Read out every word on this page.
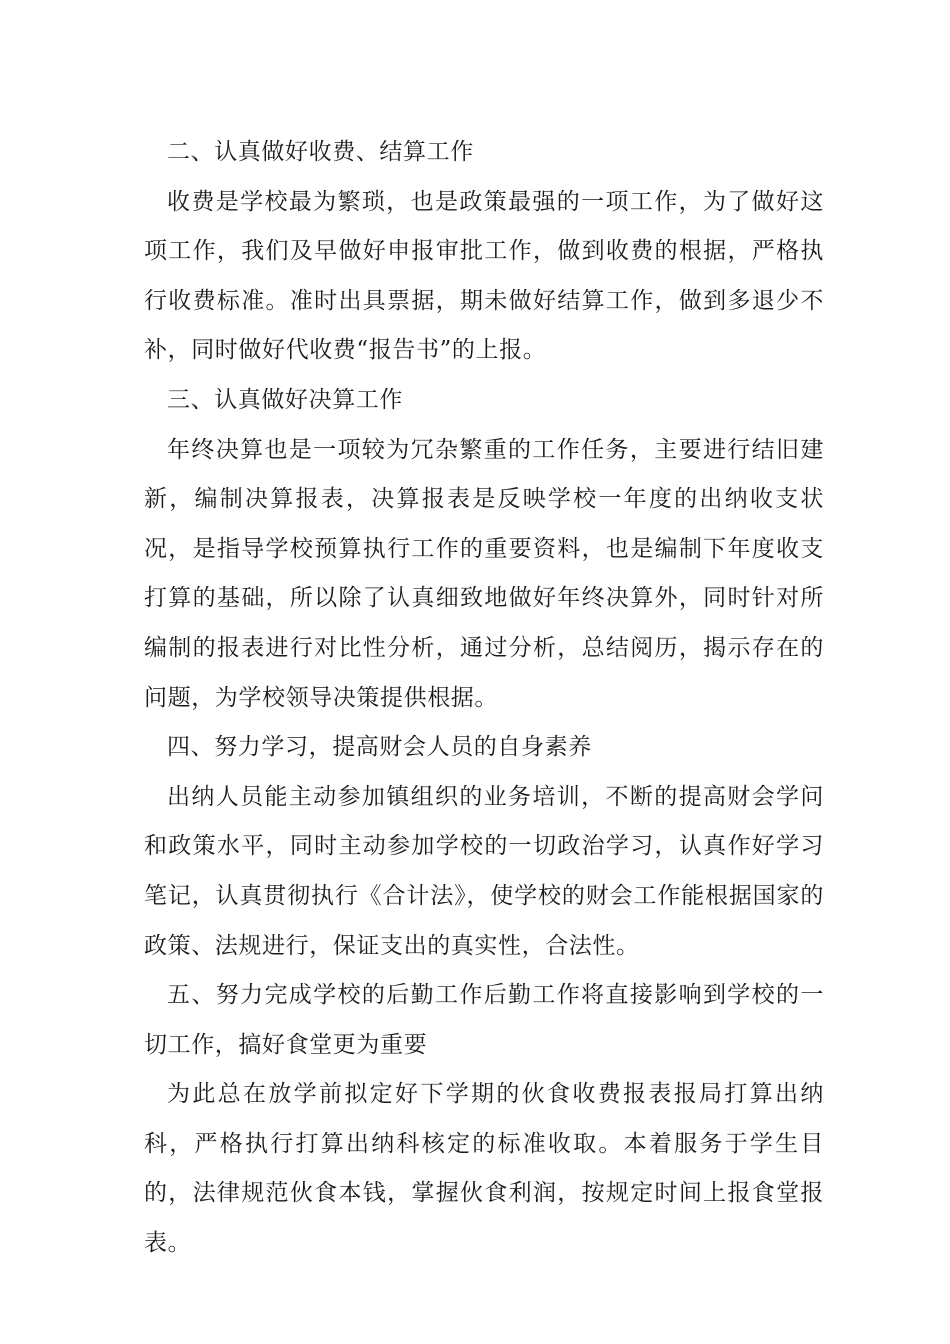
二、认真做好收费、结算工作

收费是学校最为繁琐，也是政策最强的一项工作，为了做好这项工作，我们及早做好申报审批工作，做到收费的根据，严格执行收费标准。准时出具票据，期未做好结算工作，做到多退少不补，同时做好代收费“报告书”的上报。

三、认真做好决算工作

年终决算也是一项较为冗杂繁重的工作任务，主要进行结旧建新，编制决算报表，决算报表是反映学校一年度的出纳收支状况，是指导学校预算执行工作的重要资料，也是编制下年度收支打算的基础，所以除了认真细致地做好年终决算外，同时针对所编制的报表进行对比性分析，通过分析，总结阅历，揭示存在的问题，为学校领导决策提供根据。

四、努力学习，提高财会人员的自身素养

出纳人员能主动参加镇组织的业务培训，不断的提高财会学问和政策水平，同时主动参加学校的一切政治学习，认真作好学习笔记，认真贯彻执行《合计法》，使学校的财会工作能根据国家的政策、法规进行，保证支出的真实性，合法性。

五、努力完成学校的后勤工作后勤工作将直接影响到学校的一切工作，搞好食堂更为重要

为此总在放学前拟定好下学期的伙食收费报表报局打算出纳科，严格执行打算出纳科核定的标准收取。本着服务于学生目的，法律规范伙食本钱，掌握伙食利润，按规定时间上报食堂报表。
